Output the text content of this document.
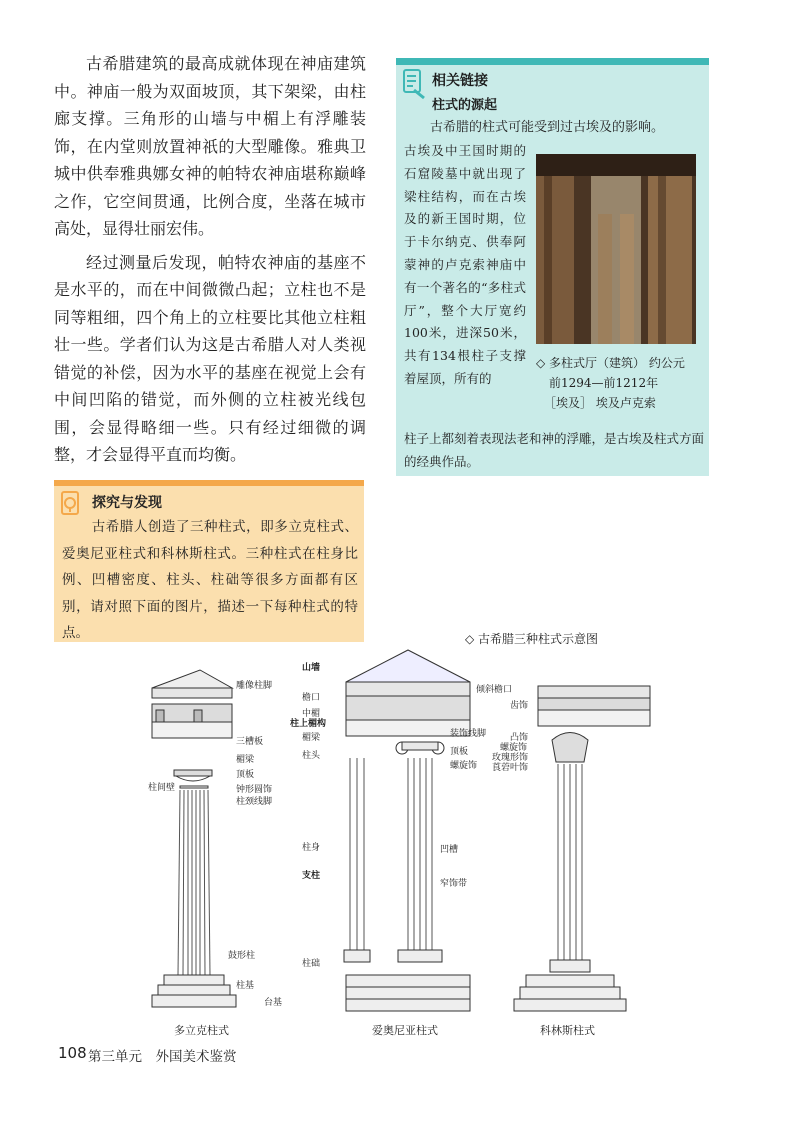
古希腊建筑的最高成就体现在神庙建筑中。神庙一般为双面坡顶，其下架梁，由柱廊支撑。三角形的山墙与中楣上有浮雕装饰，在内堂则放置神祇的大型雕像。雅典卫城中供奉雅典娜女神的帕特农神庙堪称巅峰之作，它空间贯通，比例合度，坐落在城市高处，显得壮丽宏伟。

经过测量后发现，帕特农神庙的基座不是水平的，而在中间微微凸起；立柱也不是同等粗细，四个角上的立柱要比其他立柱粗壮一些。学者们认为这是古希腊人对人类视错觉的补偿，因为水平的基座在视觉上会有中间凹陷的错觉，而外侧的立柱被光线包围，会显得略细一些。只有经过细微的调整，才会显得平直而均衡。

相关链接
柱式的源起
古希腊的柱式可能受到过古埃及的影响。
古埃及中王国时期的石窟陵墓中就出现了梁柱结构，而在古埃及的新王国时期，位于卡尔纳克、供奉阿蒙神的卢克索神庙中有一个著名的“多柱式厅”，整个大厅宽约100米，进深50米，共有134根柱子支撑着屋顶，所有的
◇ 多柱式厅（建筑） 约公元
前1294—前1212年
［埃及］ 埃及卢克索
柱子上都刻着表现法老和神的浮雕，是古埃及柱式方面的经典作品。
探究与发现
古希腊人创造了三种柱式，即多立克柱式、爱奥尼亚柱式和科林斯柱式。三种柱式在柱身比例、凹槽密度、柱头、柱础等很多方面都有区别，请对照下面的图片，描述一下每种柱式的特点。	◇ 古希腊三种柱式示意图
雕像柱脚
三槽板
楣梁
顶板
钟形圆饰
柱颈线脚
柱间壁
鼓形柱
柱基
台基
山墙
檐口
中楣
柱上楣构
楣梁
柱头
柱身
支柱
柱础
倾斜檐口
装饰线脚
顶板
螺旋饰
凹槽
窄饰带
齿饰
凸饰
螺旋饰
玫瑰形饰
莨菪叶饰
多立克柱式	爱奥尼亚柱式	科林斯柱式
108 第三单元　外国美术鉴赏
